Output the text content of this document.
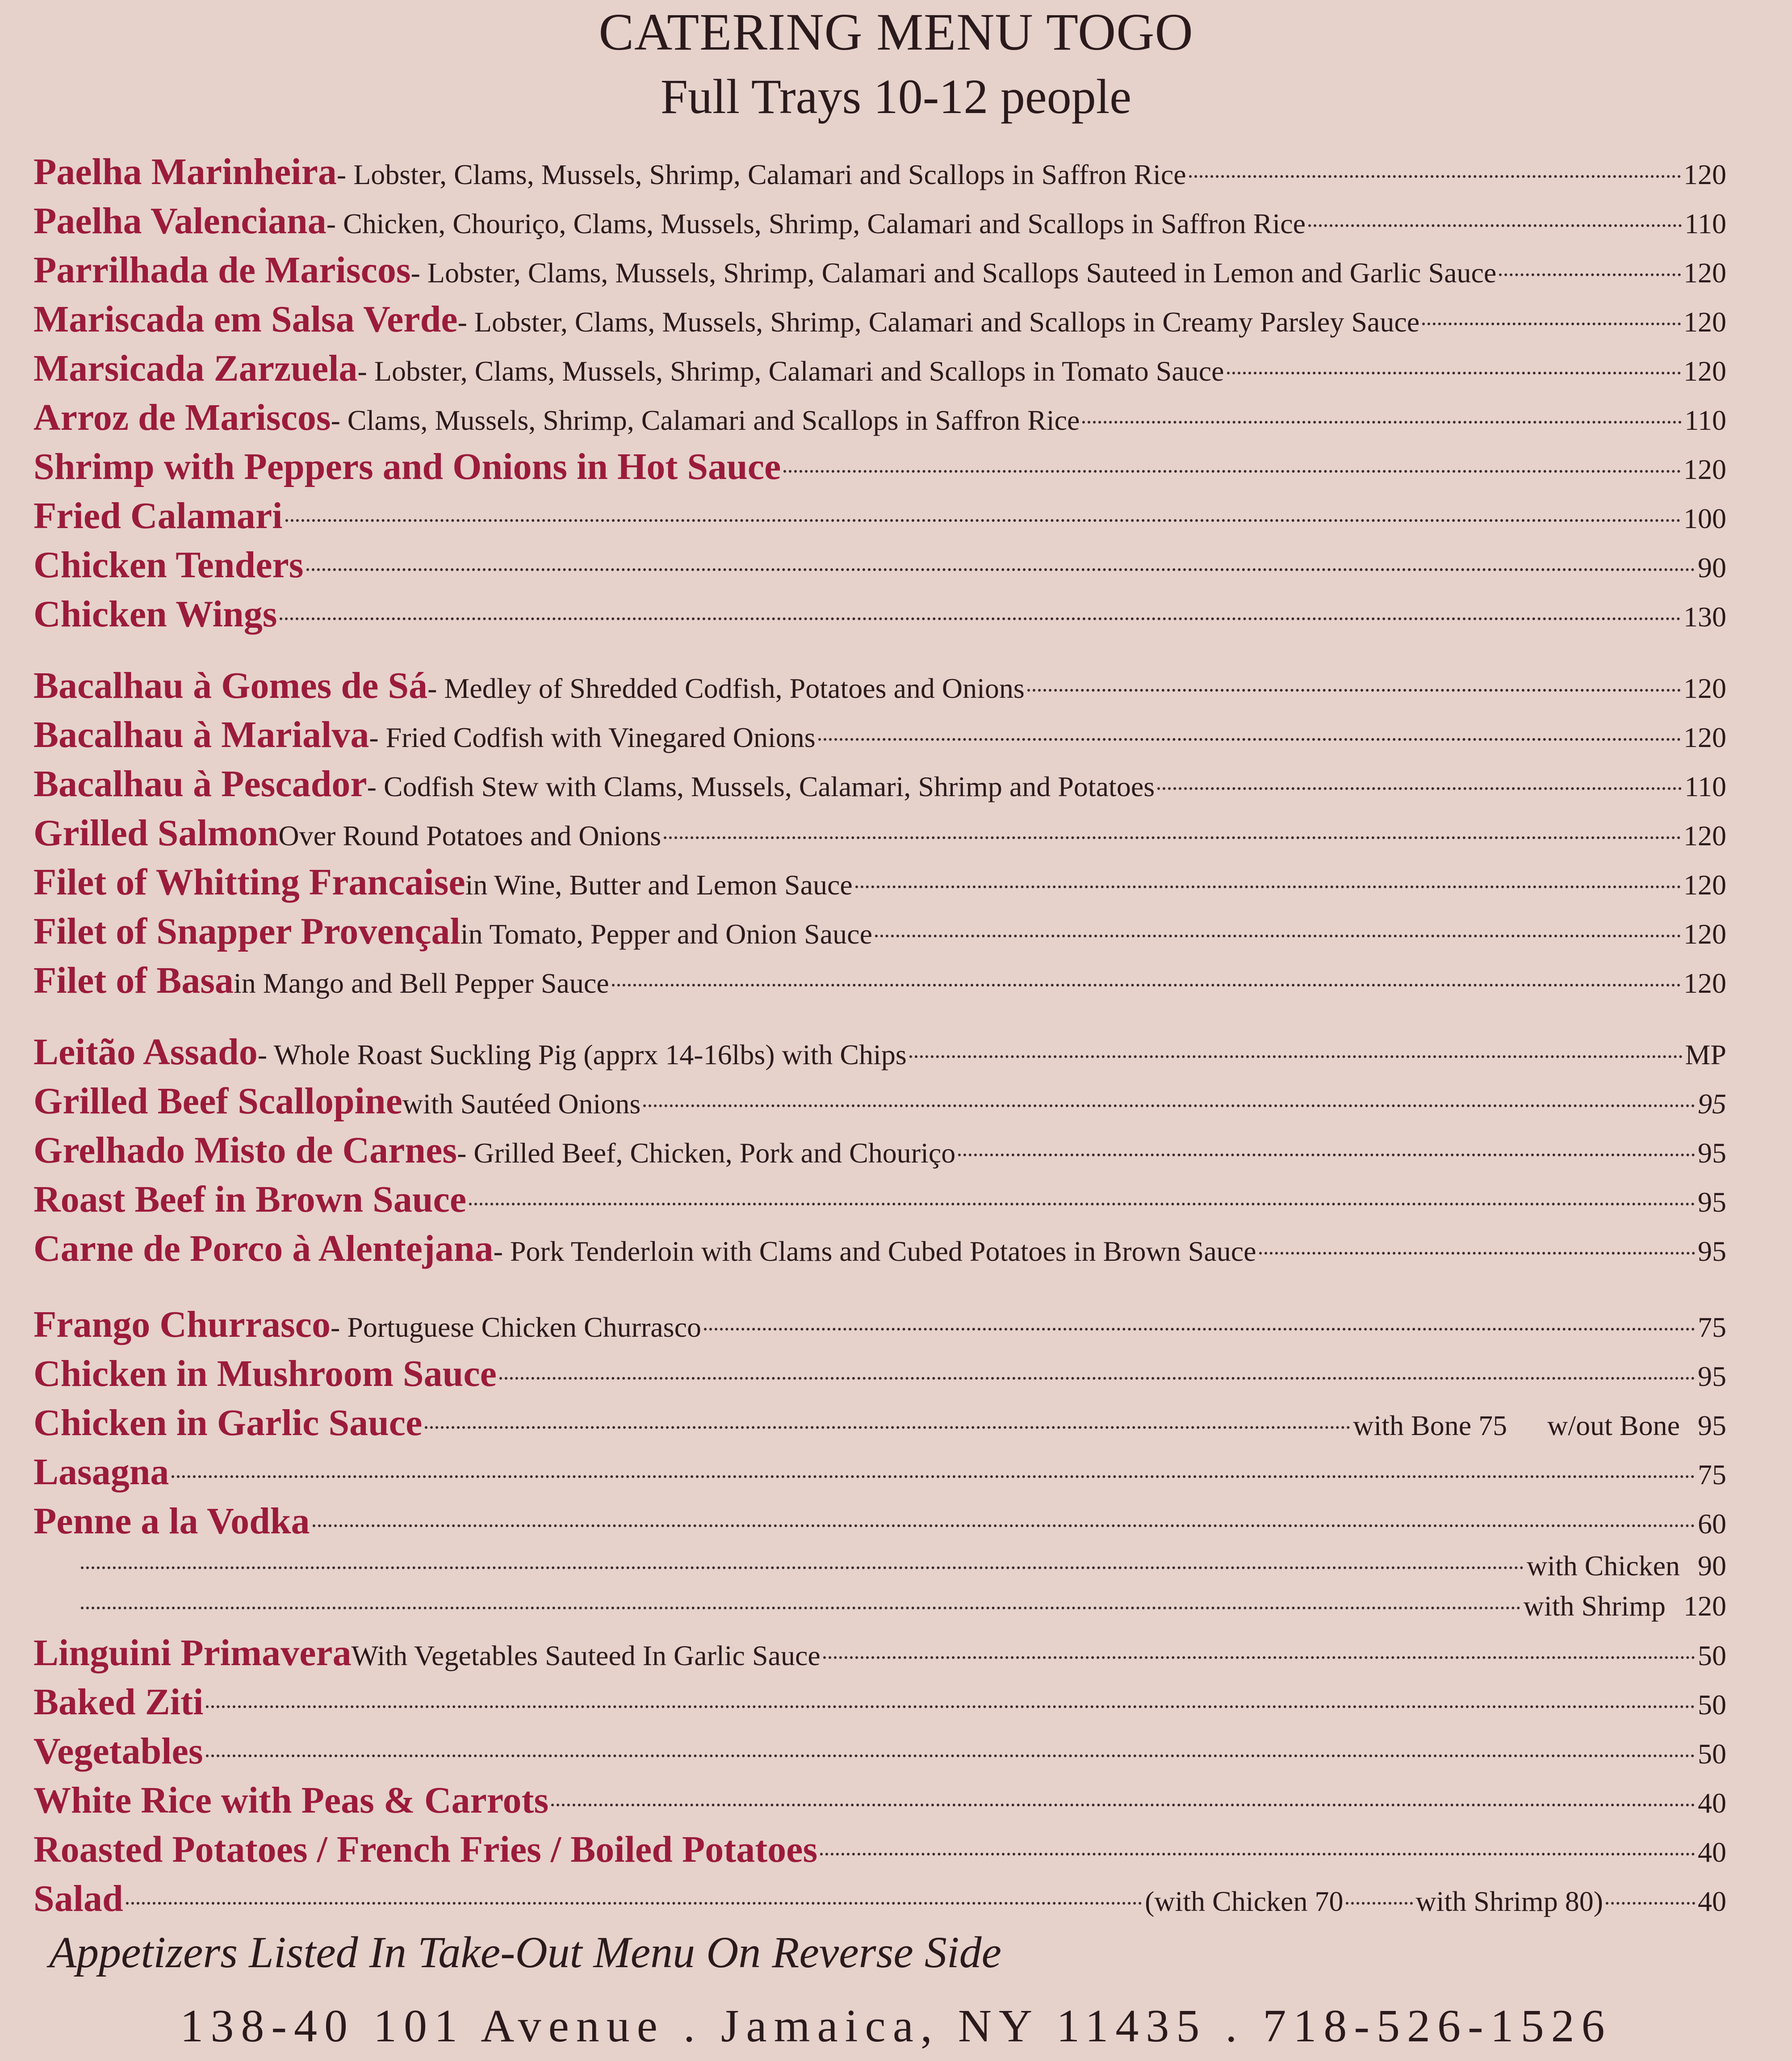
CATERING MENU TOGO
Full Trays 10-12 people
Paelha Marinheira - Lobster, Clams, Mussels, Shrimp, Calamari and Scallops in Saffron Rice	120
Paelha Valenciana - Chicken, Chouriço, Clams, Mussels, Shrimp, Calamari and Scallops in Saffron Rice	110
Parrilhada de Mariscos - Lobster, Clams, Mussels, Shrimp, Calamari and Scallops Sauteed in Lemon and Garlic Sauce	120
Mariscada em Salsa Verde - Lobster, Clams, Mussels, Shrimp, Calamari and Scallops in Creamy Parsley Sauce	120
Marsicada Zarzuela - Lobster, Clams, Mussels, Shrimp, Calamari and Scallops in Tomato Sauce	120
Arroz de Mariscos - Clams, Mussels, Shrimp, Calamari and Scallops in Saffron Rice	110
Shrimp with Peppers and Onions in Hot Sauce	120
Fried Calamari	100
Chicken Tenders	90
Chicken Wings	130
Bacalhau à Gomes de Sá - Medley of Shredded Codfish, Potatoes and Onions	120
Bacalhau à Marialva - Fried Codfish with Vinegared Onions	120
Bacalhau à Pescador - Codfish Stew with Clams, Mussels, Calamari, Shrimp and Potatoes	110
Grilled Salmon Over Round Potatoes and Onions	120
Filet of Whitting Francaise in Wine, Butter and Lemon Sauce	120
Filet of Snapper Provençal in Tomato, Pepper and Onion Sauce	120
Filet of Basa in Mango and Bell Pepper Sauce	120
Leitão Assado - Whole Roast Suckling Pig (apprx 14-16lbs) with Chips	MP
Grilled Beef Scallopine with Sautéed Onions	95
Grelhado Misto de Carnes - Grilled Beef, Chicken, Pork and Chouriço	95
Roast Beef in Brown Sauce	95
Carne de Porco à Alentejana - Pork Tenderloin with Clams and Cubed Potatoes in Brown Sauce	95
Frango Churrasco - Portuguese Chicken Churrasco	75
Chicken in Mushroom Sauce	95
Chicken in Garlic Sauce	with Bone 75 w/out Bone 95
Lasagna	75
Penne a la Vodka	60
with Chicken 90
with Shrimp 120
Linguini Primavera With Vegetables Sauteed In Garlic Sauce	50
Baked Ziti	50
Vegetables	50
White Rice with Peas & Carrots	40
Roasted Potatoes / French Fries / Boiled Potatoes	40
Salad	(with Chicken 70	with Shrimp 80)	40
Appetizers Listed In Take-Out Menu On Reverse Side
138-40 101 Avenue . Jamaica, NY 11435 . 718-526-1526
